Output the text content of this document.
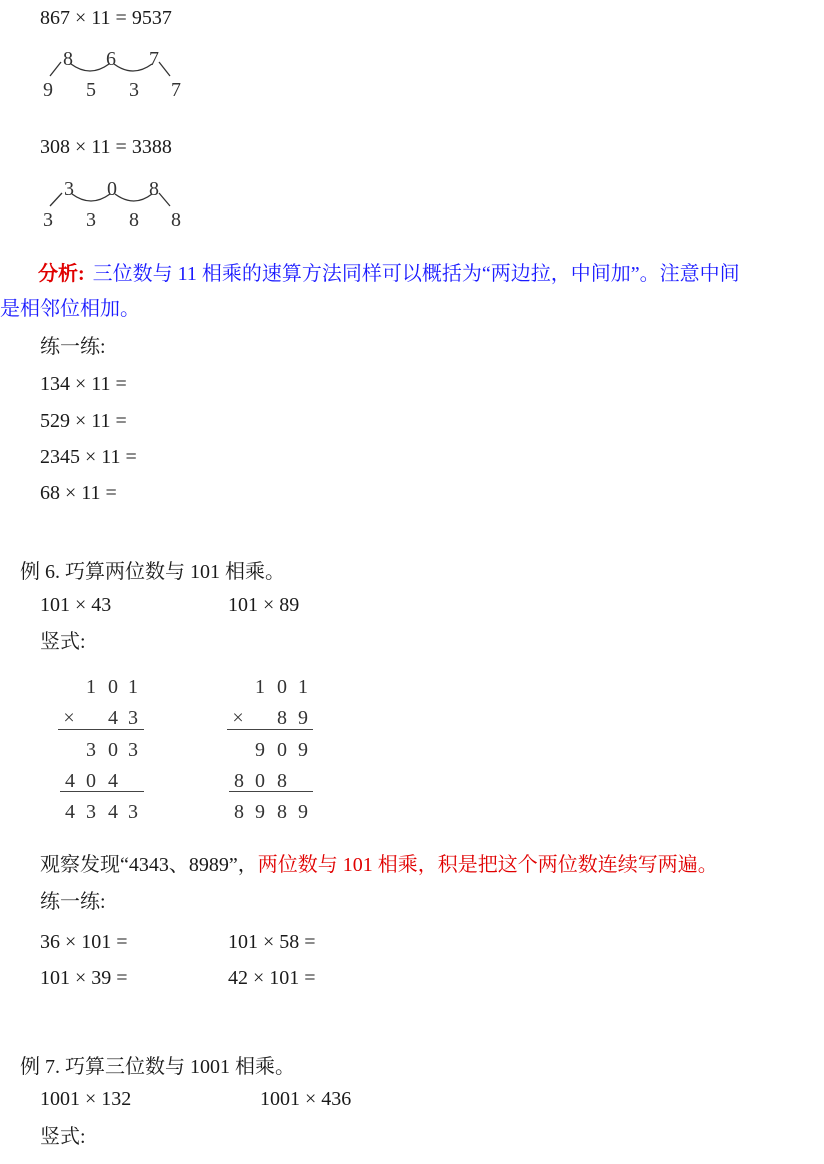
867 × 11 = 9537
8 6 7
9 5 3 7
308 × 11 = 3388
3 0 8
3 3 8 8
分析: 三位数与 11 相乘的速算方法同样可以概括为“两边拉，中间加”。注意中间
是相邻位相加。
练一练:
134 × 11 =
529 × 11 =
2345 × 11 =
68 × 11 =
例 6. 巧算两位数与 101 相乘。
101 × 43	101 × 89
竖式:
1 0 1
× 4 3
3 0 3
4 0 4
4 3 4 3
1 0 1
× 8 9
9 0 9
8 0 8
8 9 8 9
观察发现“4343、8989”，两位数与 101 相乘，积是把这个两位数连续写两遍。
练一练:
36 × 101 =	101 × 58 =
101 × 39 =	42 × 101 =
例 7. 巧算三位数与 1001 相乘。
1001 × 132	1001 × 436
竖式:
